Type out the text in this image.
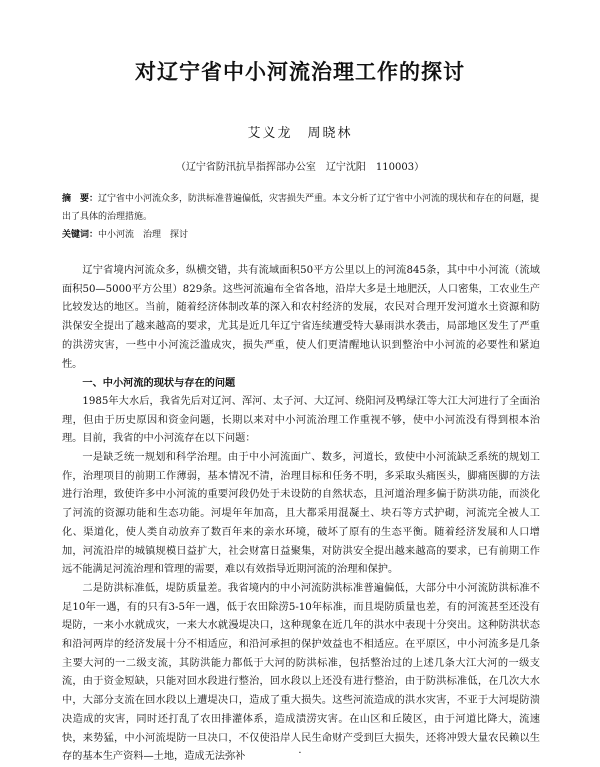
对辽宁省中小河流治理工作的探讨
艾义龙　周晓林
（辽宁省防汛抗旱指挥部办公室　辽宁沈阳　110003）
摘　要：辽宁省中小河流众多，防洪标准普遍偏低，灾害损失严重。本文分析了辽宁省中小河流的现状和存在的问题，提出了具体的治理措施。
关键词：中小河流　治理　探讨

辽宁省境内河流众多，纵横交错，共有流域面积50平方公里以上的河流845条，其中中小河流（流域面积50—5000平方公里）829条。这些河流遍布全省各地，沿岸大多是土地肥沃，人口密集，工农业生产比较发达的地区。当前，随着经济体制改革的深入和农村经济的发展，农民对合理开发河道水土资源和防洪保安全提出了越来越高的要求，尤其是近几年辽宁省连续遭受特大暴雨洪水袭击，局部地区发生了严重的洪涝灾害，一些中小河流泛滥成灾，损失严重，使人们更清醒地认识到整治中小河流的必要性和紧迫性。

一、中小河流的现状与存在的问题

1985年大水后，我省先后对辽河、浑河、太子河、大辽河、绕阳河及鸭绿江等大江大河进行了全面治理，但由于历史原因和资金问题，长期以来对中小河流治理工作重视不够，使中小河流没有得到根本治理。目前，我省的中小河流存在以下问题：

一是缺乏统一规划和科学治理。由于中小河流面广、数多，河道长，致使中小河流缺乏系统的规划工作，治理项目的前期工作薄弱，基本情况不清，治理目标和任务不明，多采取头痛医头，脚痛医脚的方法进行治理，致使许多中小河流的重要河段仍处于未设防的自然状态，且河道治理多偏于防洪功能，而淡化了河流的资源功能和生态功能。河堤年年加高，且大都采用混凝土、块石等方式护砌，河流完全被人工化、渠道化，使人类自动放弃了数百年来的亲水环境，破坏了原有的生态平衡。随着经济发展和人口增加，河流沿岸的城镇规模日益扩大，社会财富日益聚集，对防洪安全提出越来越高的要求，已有前期工作远不能满足河流治理和管理的需要，难以有效指导近期河流的治理和保护。

二是防洪标准低，堤防质量差。我省境内的中小河流防洪标准普遍偏低，大部分中小河流防洪标准不足10年一遇，有的只有3-5年一遇，低于农田除涝5-10年标准，而且堤防质量也差，有的河流甚至还没有堤防，一来小水就成灾，一来大水就漫堤决口，这种现象在近几年的洪水中表现十分突出。这种防洪状态和沿河两岸的经济发展十分不相适应，和沿河承担的保护效益也不相适应。在平原区，中小河流多是几条主要大河的一二级支流，其防洪能力都低于大河的防洪标准，包括整治过的上述几条大江大河的一级支流，由于资金短缺，只能对回水段进行整治，回水段以上还没有进行整治，由于防洪标准低，在几次大水中，大部分支流在回水段以上遭堤决口，造成了重大损失。这些河流造成的洪水灾害，不亚于大河堤防溃决造成的灾害，同时还打乱了农田排灌体系，造成渍涝灾害。在山区和丘陵区，由于河道比降大，流速快，来势猛，中小河流堤防一旦决口，不仅使沿岸人民生命财产受到巨大损失，还将冲毁大量农民赖以生存的基本生产资料—土地，造成无法弥补	·
